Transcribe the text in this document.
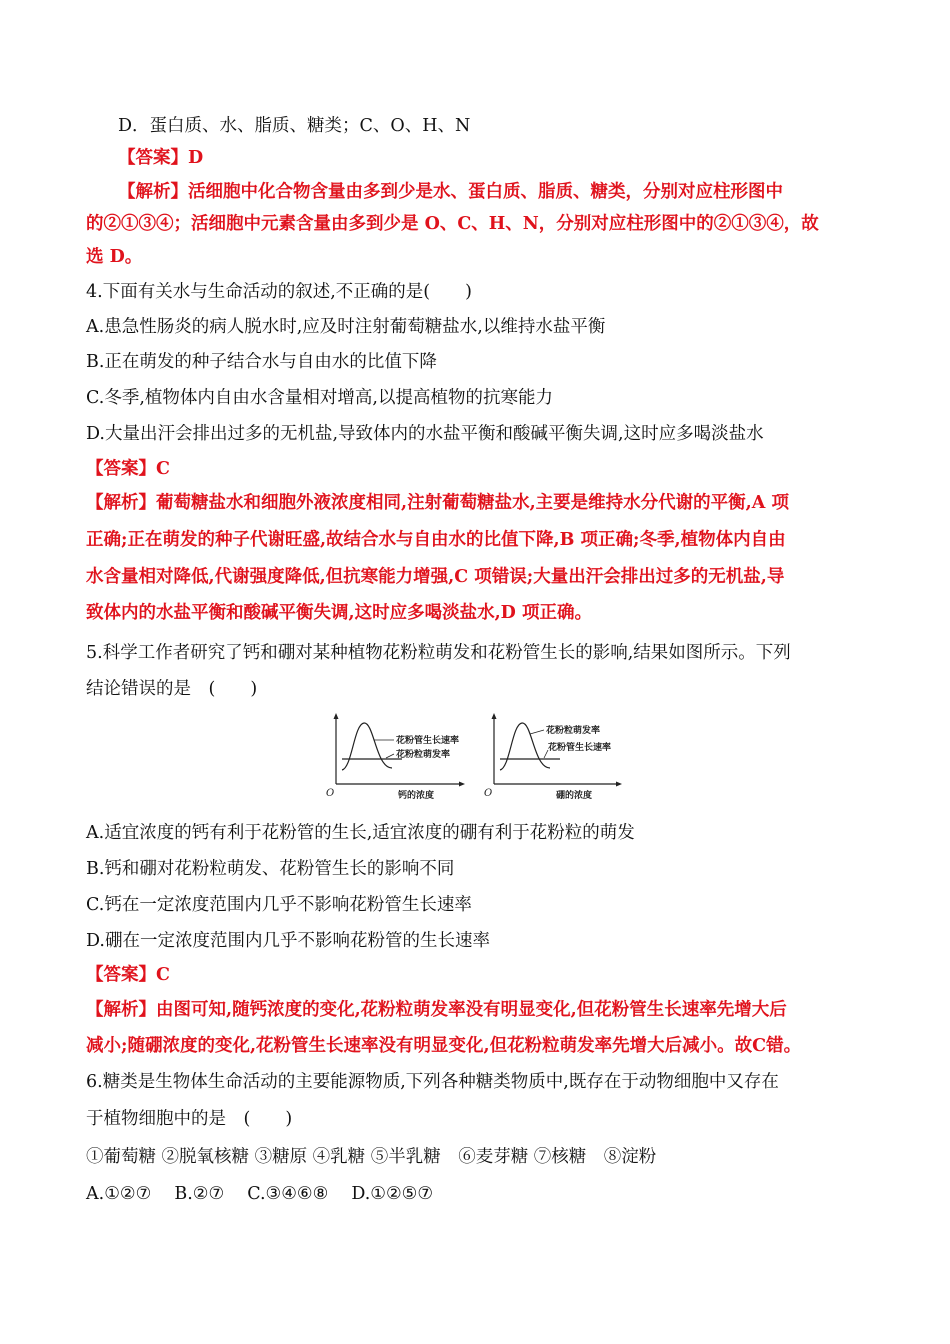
D．蛋白质、水、脂质、糖类；C、O、H、N
【答案】D
【解析】活细胞中化合物含量由多到少是水、蛋白质、脂质、糖类，分别对应柱形图中
的②①③④；活细胞中元素含量由多到少是 O、C、H、N，分别对应柱形图中的②①③④，故
选 D。
4.下面有关水与生命活动的叙述,不正确的是(　　)
A.患急性肠炎的病人脱水时,应及时注射葡萄糖盐水,以维持水盐平衡
B.正在萌发的种子结合水与自由水的比值下降
C.冬季,植物体内自由水含量相对增高,以提高植物的抗寒能力
D.大量出汗会排出过多的无机盐,导致体内的水盐平衡和酸碱平衡失调,这时应多喝淡盐水
【答案】C
【解析】葡萄糖盐水和细胞外液浓度相同,注射葡萄糖盐水,主要是维持水分代谢的平衡,A 项
正确;正在萌发的种子代谢旺盛,故结合水与自由水的比值下降,B 项正确;冬季,植物体内自由
水含量相对降低,代谢强度降低,但抗寒能力增强,C 项错误;大量出汗会排出过多的无机盐,导
致体内的水盐平衡和酸碱平衡失调,这时应多喝淡盐水,D 项正确。
5.科学工作者研究了钙和硼对某种植物花粉粒萌发和花粉管生长的影响,结果如图所示。下列
结论错误的是　(　　)
花粉管生长速率
花粉粒萌发率
O	钙的浓度
花粉粒萌发率
花粉管生长速率
O	硼的浓度
A.适宜浓度的钙有利于花粉管的生长,适宜浓度的硼有利于花粉粒的萌发
B.钙和硼对花粉粒萌发、花粉管生长的影响不同
C.钙在一定浓度范围内几乎不影响花粉管生长速率
D.硼在一定浓度范围内几乎不影响花粉管的生长速率
【答案】C
【解析】由图可知,随钙浓度的变化,花粉粒萌发率没有明显变化,但花粉管生长速率先增大后
减小;随硼浓度的变化,花粉管生长速率没有明显变化,但花粉粒萌发率先增大后减小。故C错。
6.糖类是生物体生命活动的主要能源物质,下列各种糖类物质中,既存在于动物细胞中又存在
于植物细胞中的是　(　　)
①葡萄糖 ②脱氧核糖 ③糖原 ④乳糖 ⑤半乳糖　⑥麦芽糖 ⑦核糖　⑧淀粉
A.①②⑦　 B.②⑦　 C.③④⑥⑧　 D.①②⑤⑦
